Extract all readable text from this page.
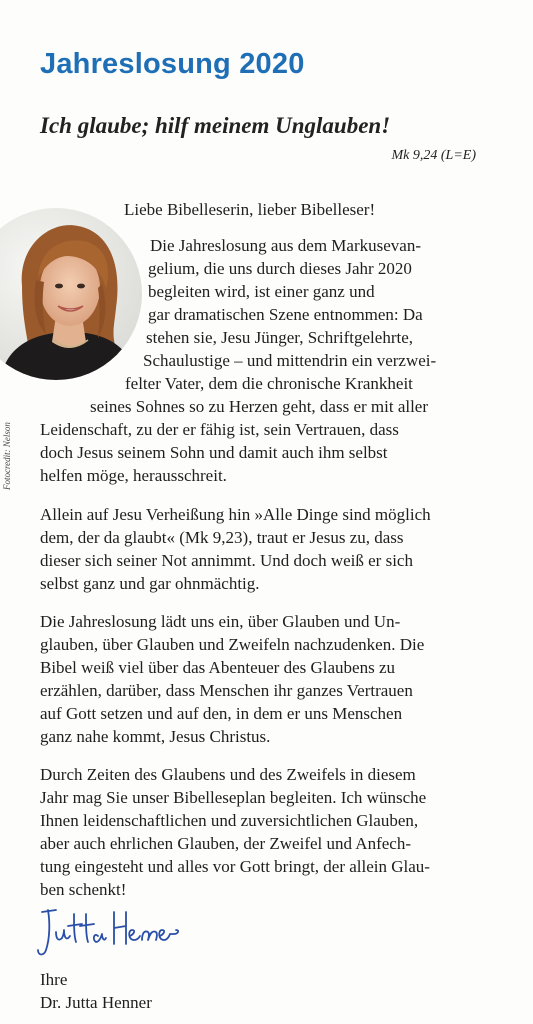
Jahreslosung 2020
Ich glaube; hilf meinem Unglauben!
Mk 9,24 (L=E)
Fotocredit: Nelson
Liebe Bibelleserin, lieber Bibelleser!
Die Jahreslosung aus dem Markusevan-
gelium, die uns durch dieses Jahr 2020
begleiten wird, ist einer ganz und
gar dramatischen Szene entnommen: Da
stehen sie, Jesu Jünger, Schriftgelehrte,
Schaulustige – und mittendrin ein verzwei-
felter Vater, dem die chronische Krankheit
seines Sohnes so zu Herzen geht, dass er mit aller
Leidenschaft, zu der er fähig ist, sein Vertrauen, dass
doch Jesus seinem Sohn und damit auch ihm selbst
helfen möge, herausschreit.
Allein auf Jesu Verheißung hin »Alle Dinge sind möglich
dem, der da glaubt« (Mk 9,23), traut er Jesus zu, dass
dieser sich seiner Not annimmt. Und doch weiß er sich
selbst ganz und gar ohnmächtig.
Die Jahreslosung lädt uns ein, über Glauben und Un-
glauben, über Glauben und Zweifeln nachzudenken. Die
Bibel weiß viel über das Abenteuer des Glaubens zu
erzählen, darüber, dass Menschen ihr ganzes Vertrauen
auf Gott setzen und auf den, in dem er uns Menschen
ganz nahe kommt, Jesus Christus.
Durch Zeiten des Glaubens und des Zweifels in diesem
Jahr mag Sie unser Bibelleseplan begleiten. Ich wünsche
Ihnen leidenschaftlichen und zuversichtlichen Glauben,
aber auch ehrlichen Glauben, der Zweifel und Anfech-
tung eingesteht und alles vor Gott bringt, der allein Glau-
ben schenkt!
Ihre
Dr. Jutta Henner
